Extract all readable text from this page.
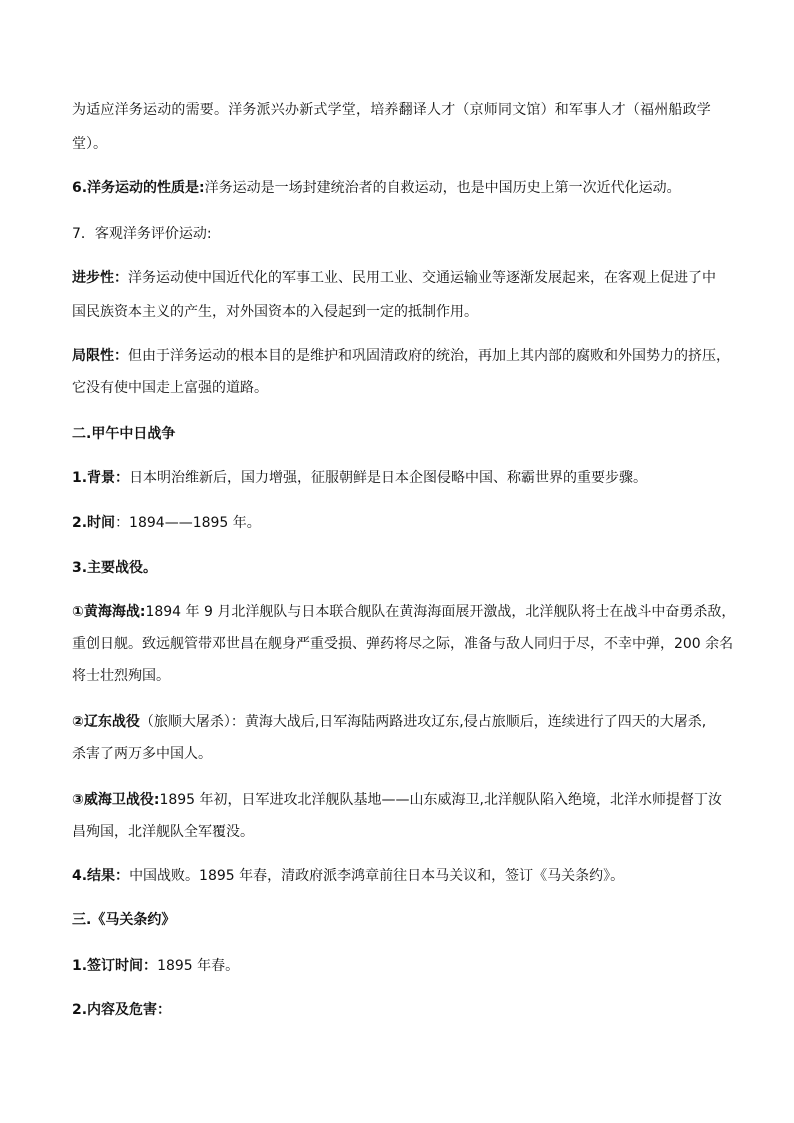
为适应洋务运动的需要。洋务派兴办新式学堂，培养翻译人才（京师同文馆）和军事人才（福州船政学
堂）。
6.洋务运动的性质是:洋务运动是一场封建统治者的自救运动，也是中国历史上第一次近代化运动。
7．客观洋务评价运动:
进步性：洋务运动使中国近代化的军事工业、民用工业、交通运输业等逐渐发展起来，在客观上促进了中
国民族资本主义的产生，对外国资本的入侵起到一定的抵制作用。
局限性：但由于洋务运动的根本目的是维护和巩固清政府的统治，再加上其内部的腐败和外国势力的挤压，
它没有使中国走上富强的道路。
二.甲午中日战争
1.背景：日本明治维新后，国力增强，征服朝鲜是日本企图侵略中国、称霸世界的重要步骤。
2.时间：1894——1895 年。
3.主要战役。
①黄海海战:1894 年 9 月北洋舰队与日本联合舰队在黄海海面展开激战，北洋舰队将士在战斗中奋勇杀敌，
重创日舰。致远舰管带邓世昌在舰身严重受损、弹药将尽之际，准备与敌人同归于尽，不幸中弹，200 余名
将士壮烈殉国。
②辽东战役（旅顺大屠杀）：黄海大战后,日军海陆两路进攻辽东,侵占旅顺后，连续进行了四天的大屠杀,
杀害了两万多中国人。
③威海卫战役:1895 年初，日军进攻北洋舰队基地——山东威海卫,北洋舰队陷入绝境，北洋水师提督丁汝
昌殉国，北洋舰队全军覆没。
4.结果：中国战败。1895 年春，清政府派李鸿章前往日本马关议和，签订《马关条约》。
三.《马关条约》
1.签订时间：1895 年春。
2.内容及危害：
